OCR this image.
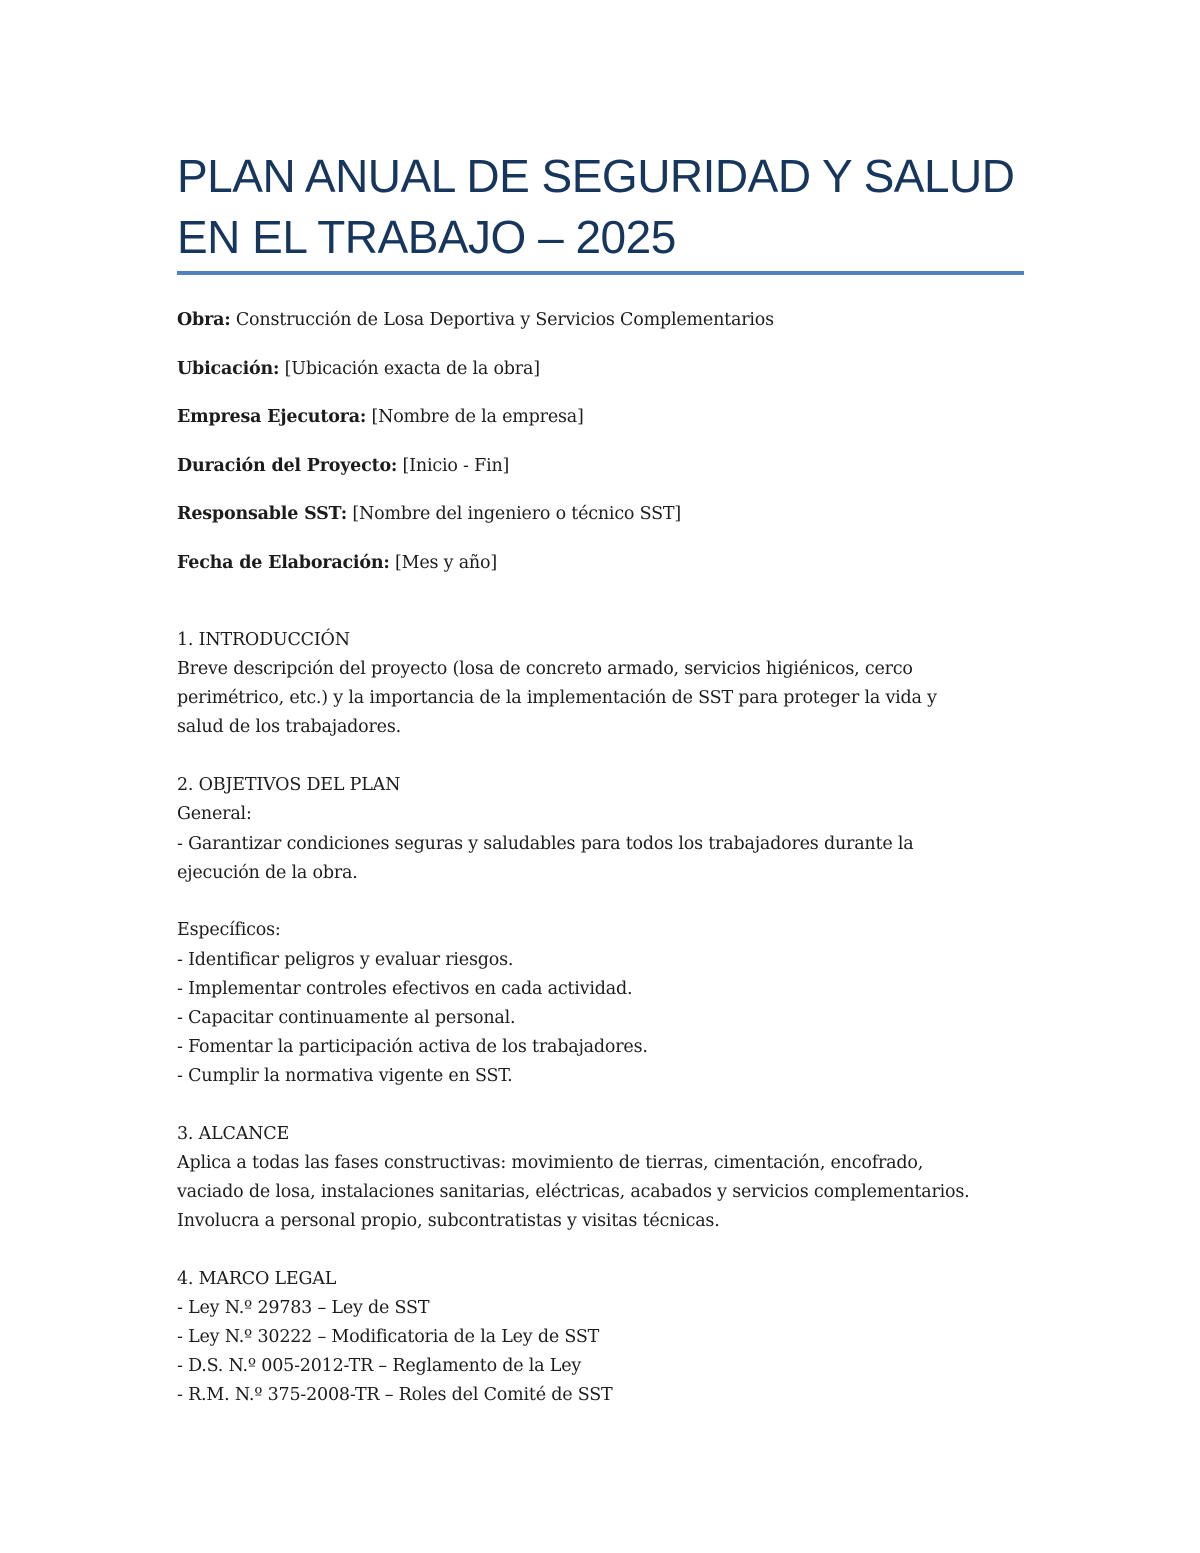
PLAN ANUAL DE SEGURIDAD Y SALUD
EN EL TRABAJO – 2025

Obra: Construcción de Losa Deportiva y Servicios Complementarios

Ubicación: [Ubicación exacta de la obra]

Empresa Ejecutora: [Nombre de la empresa]

Duración del Proyecto: [Inicio - Fin]

Responsable SST: [Nombre del ingeniero o técnico SST]

Fecha de Elaboración: [Mes y año]

1. INTRODUCCIÓN

Breve descripción del proyecto (losa de concreto armado, servicios higiénicos, cerco

perimétrico, etc.) y la importancia de la implementación de SST para proteger la vida y

salud de los trabajadores.

2. OBJETIVOS DEL PLAN

General:

- Garantizar condiciones seguras y saludables para todos los trabajadores durante la

ejecución de la obra.

Específicos:

- Identificar peligros y evaluar riesgos.

- Implementar controles efectivos en cada actividad.

- Capacitar continuamente al personal.

- Fomentar la participación activa de los trabajadores.

- Cumplir la normativa vigente en SST.

3. ALCANCE

Aplica a todas las fases constructivas: movimiento de tierras, cimentación, encofrado,

vaciado de losa, instalaciones sanitarias, eléctricas, acabados y servicios complementarios.

Involucra a personal propio, subcontratistas y visitas técnicas.

4. MARCO LEGAL

- Ley N.º 29783 – Ley de SST

- Ley N.º 30222 – Modificatoria de la Ley de SST

- D.S. N.º 005-2012-TR – Reglamento de la Ley

- R.M. N.º 375-2008-TR – Roles del Comité de SST
